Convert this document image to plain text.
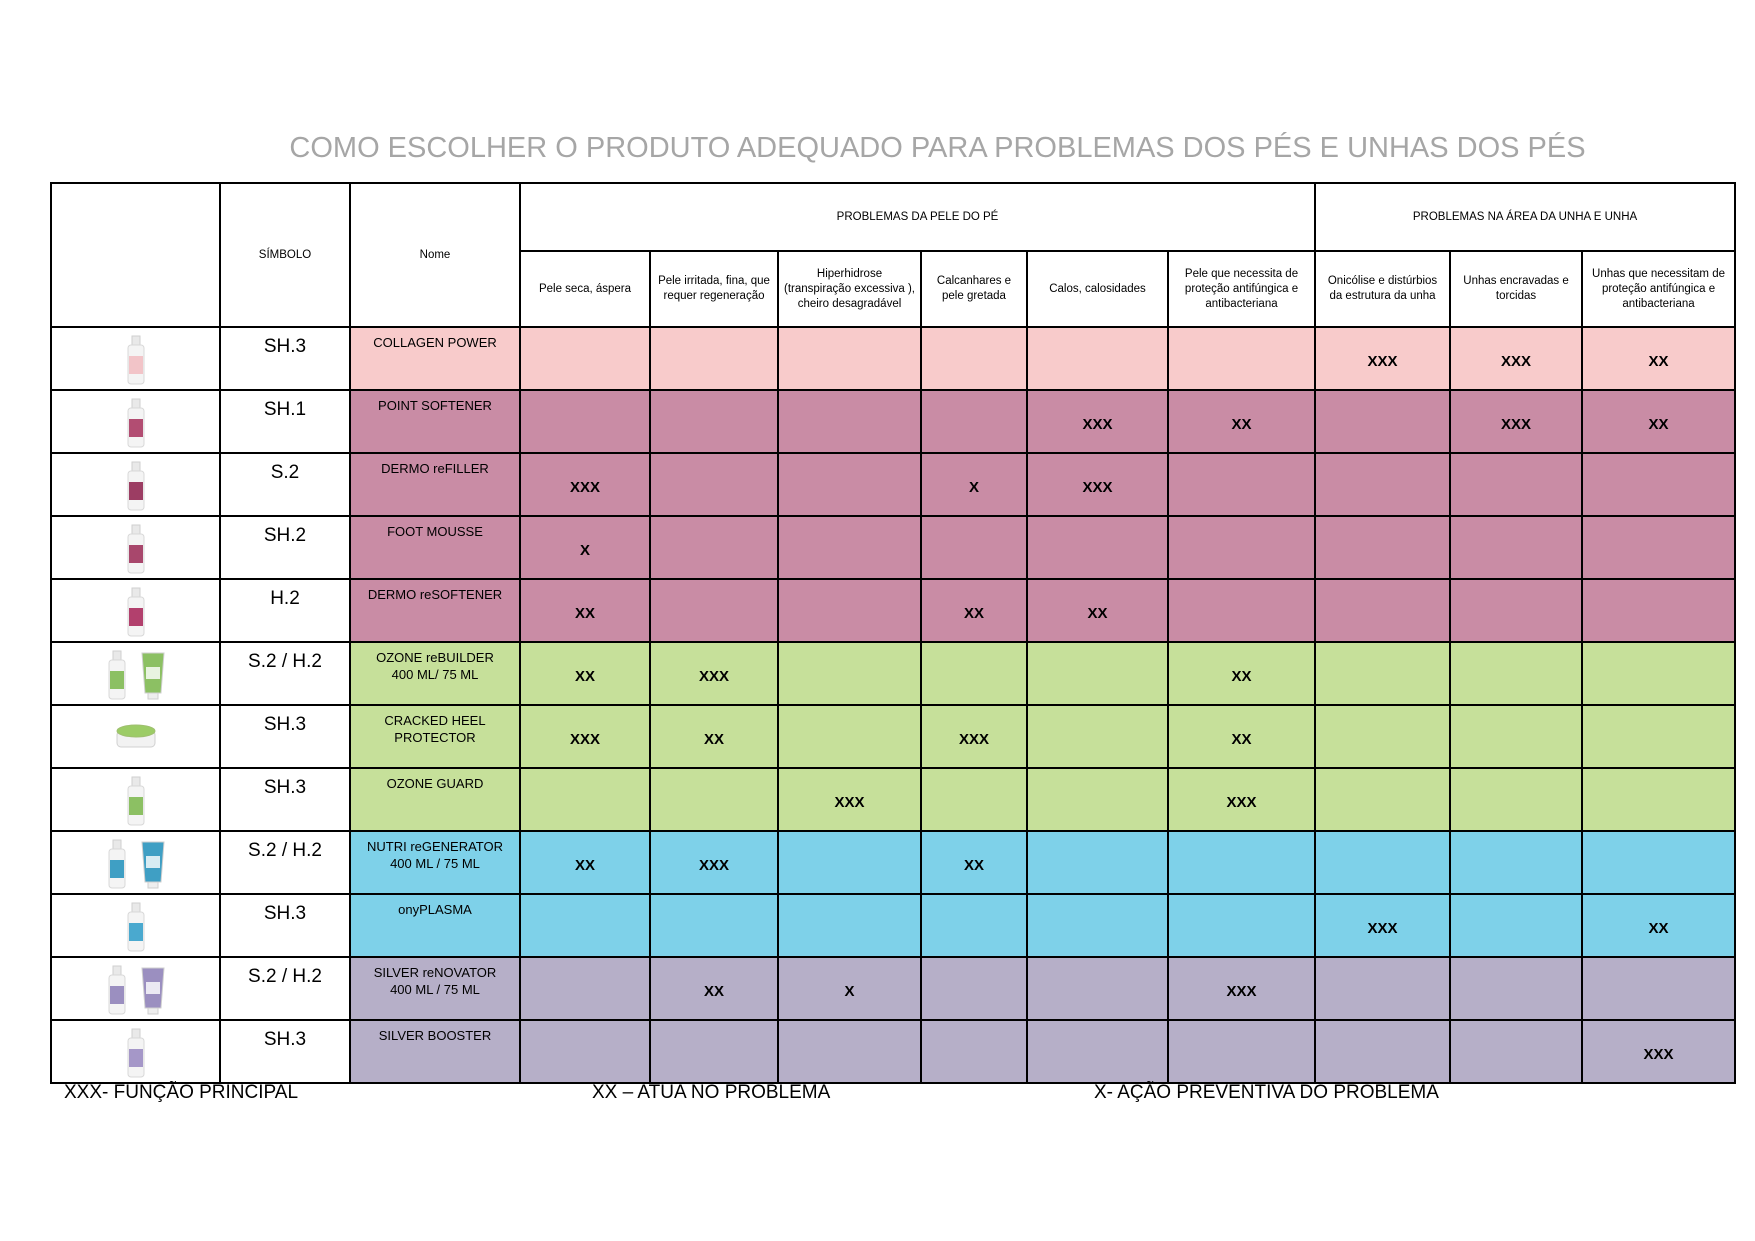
COMO ESCOLHER O PRODUTO ADEQUADO PARA PROBLEMAS DOS PÉS E UNHAS DOS PÉS
	SÍMBOLO	Nome	PROBLEMAS DA PELE DO PÉ						PROBLEMAS NA ÁREA DA UNHA E UNHA		
			Pele seca, áspera	Pele irritada, fina, que requer regeneração	Hiperhidrose (transpiração excessiva ), cheiro desagradável	Calcanhares e pele gretada	Calos, calosidades	Pele que necessita de proteção antifúngica e antibacteriana	Onicólise e distúrbios da estrutura da unha	Unhas encravadas e torcidas	Unhas que necessitam de proteção antifúngica e antibacteriana

	SH.3	COLLAGEN POWER							XXX	XXX	XX

	SH.1	POINT SOFTENER					XXX	XX		XXX	XX

	S.2	DERMO reFILLER	XXX			X	XXX				

	SH.2	FOOT MOUSSE	X								

	H.2	DERMO reSOFTENER	XX			XX	XX				

	S.2 / H.2	OZONE reBUILDER
400 ML/ 75 ML	XX	XXX				XX			

	SH.3	CRACKED HEEL
PROTECTOR	XXX	XX		XXX		XX			

	SH.3	OZONE GUARD			XXX			XXX			

	S.2 / H.2	NUTRI reGENERATOR
400 ML / 75 ML	XX	XXX		XX					

	SH.3	onyPLASMA							XXX		XX

	S.2 / H.2	SILVER reNOVATOR
400 ML / 75 ML		XX	X			XXX			

	SH.3	SILVER BOOSTER									XXX
XXX- FUNÇÃO PRINCIPAL	XX – ATUA NO PROBLEMA	X- AÇÃO PREVENTIVA DO PROBLEMA
